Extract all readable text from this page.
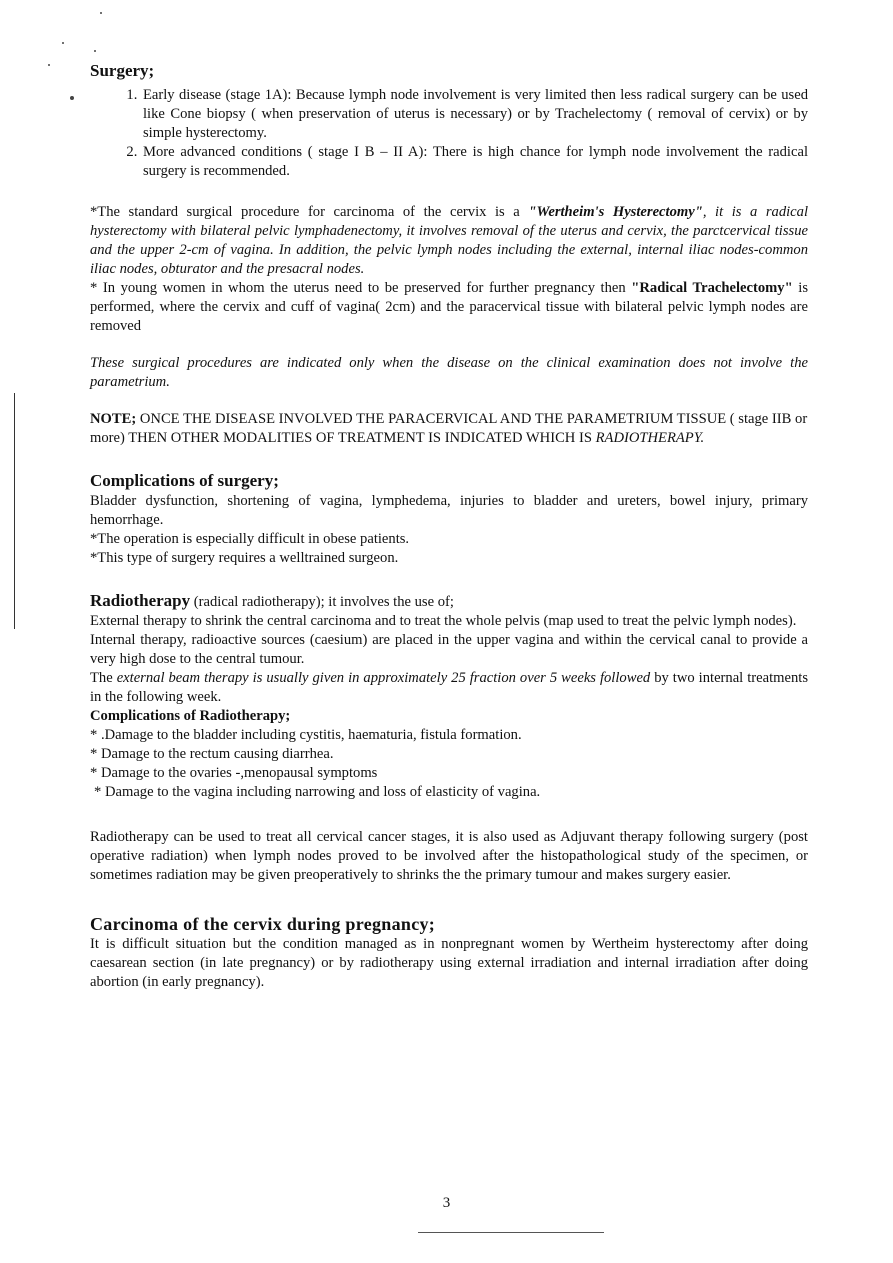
Surgery;
1. Early disease (stage 1A): Because lymph node involvement is very limited then less radical surgery can be used like Cone biopsy ( when preservation of uterus is necessary) or by Trachelectomy ( removal of cervix) or by simple hysterectomy.
2. More advanced conditions ( stage I B – II A): There is high chance for lymph node involvement the radical surgery is recommended.

*The standard surgical procedure for carcinoma of the cervix is a "Wertheim's Hysterectomy", it is a radical hysterectomy with bilateral pelvic lymphadenectomy, it involves removal of the uterus and cervix, the parctcervical tissue and the upper 2-cm of vagina. In addition, the pelvic lymph nodes including the external, internal iliac nodes-common iliac nodes, obturator and the presacral nodes.

* In young women in whom the uterus need to be preserved for further pregnancy then "Radical Trachelectomy" is performed, where the cervix and cuff of vagina( 2cm) and the paracervical tissue with bilateral pelvic lymph nodes are removed

These surgical procedures are indicated only when the disease on the clinical examination does not involve the parametrium.

NOTE; ONCE THE DISEASE INVOLVED THE PARACERVICAL AND THE PARAMETRIUM TISSUE ( stage IIB or more) THEN OTHER MODALITIES OF TREATMENT IS INDICATED WHICH IS RADIOTHERAPY.

Complications of surgery;

Bladder dysfunction, shortening of vagina, lymphedema, injuries to bladder and ureters, bowel injury, primary hemorrhage.

*The operation is especially difficult in obese patients.

*This type of surgery requires a welltrained surgeon.

Radiotherapy (radical radiotherapy); it involves the use of;

External therapy to shrink the central carcinoma and to treat the whole pelvis (map used to treat the pelvic lymph nodes).

Internal therapy, radioactive sources (caesium) are placed in the upper vagina and within the cervical canal to provide a very high dose to the central tumour.

The external beam therapy is usually given in approximately 25 fraction over 5 weeks followed by two internal treatments in the following week.

Complications of Radiotherapy;

* .Damage to the bladder including cystitis, haematuria, fistula formation.

* Damage to the rectum causing diarrhea.

* Damage to the ovaries -,menopausal symptoms

* Damage to the vagina including narrowing and loss of elasticity of vagina.

Radiotherapy can be used to treat all cervical cancer stages, it is also used as Adjuvant therapy following surgery (post operative radiation) when lymph nodes proved to be involved after the histopathological study of the specimen, or sometimes radiation may be given preoperatively to shrinks the the primary tumour and makes surgery easier.

Carcinoma of the cervix during pregnancy;

It is difficult situation but the condition managed as in nonpregnant women by Wertheim hysterectomy after doing caesarean section (in late pregnancy) or by radiotherapy using external irradiation and internal irradiation after doing abortion (in early pregnancy).

3
